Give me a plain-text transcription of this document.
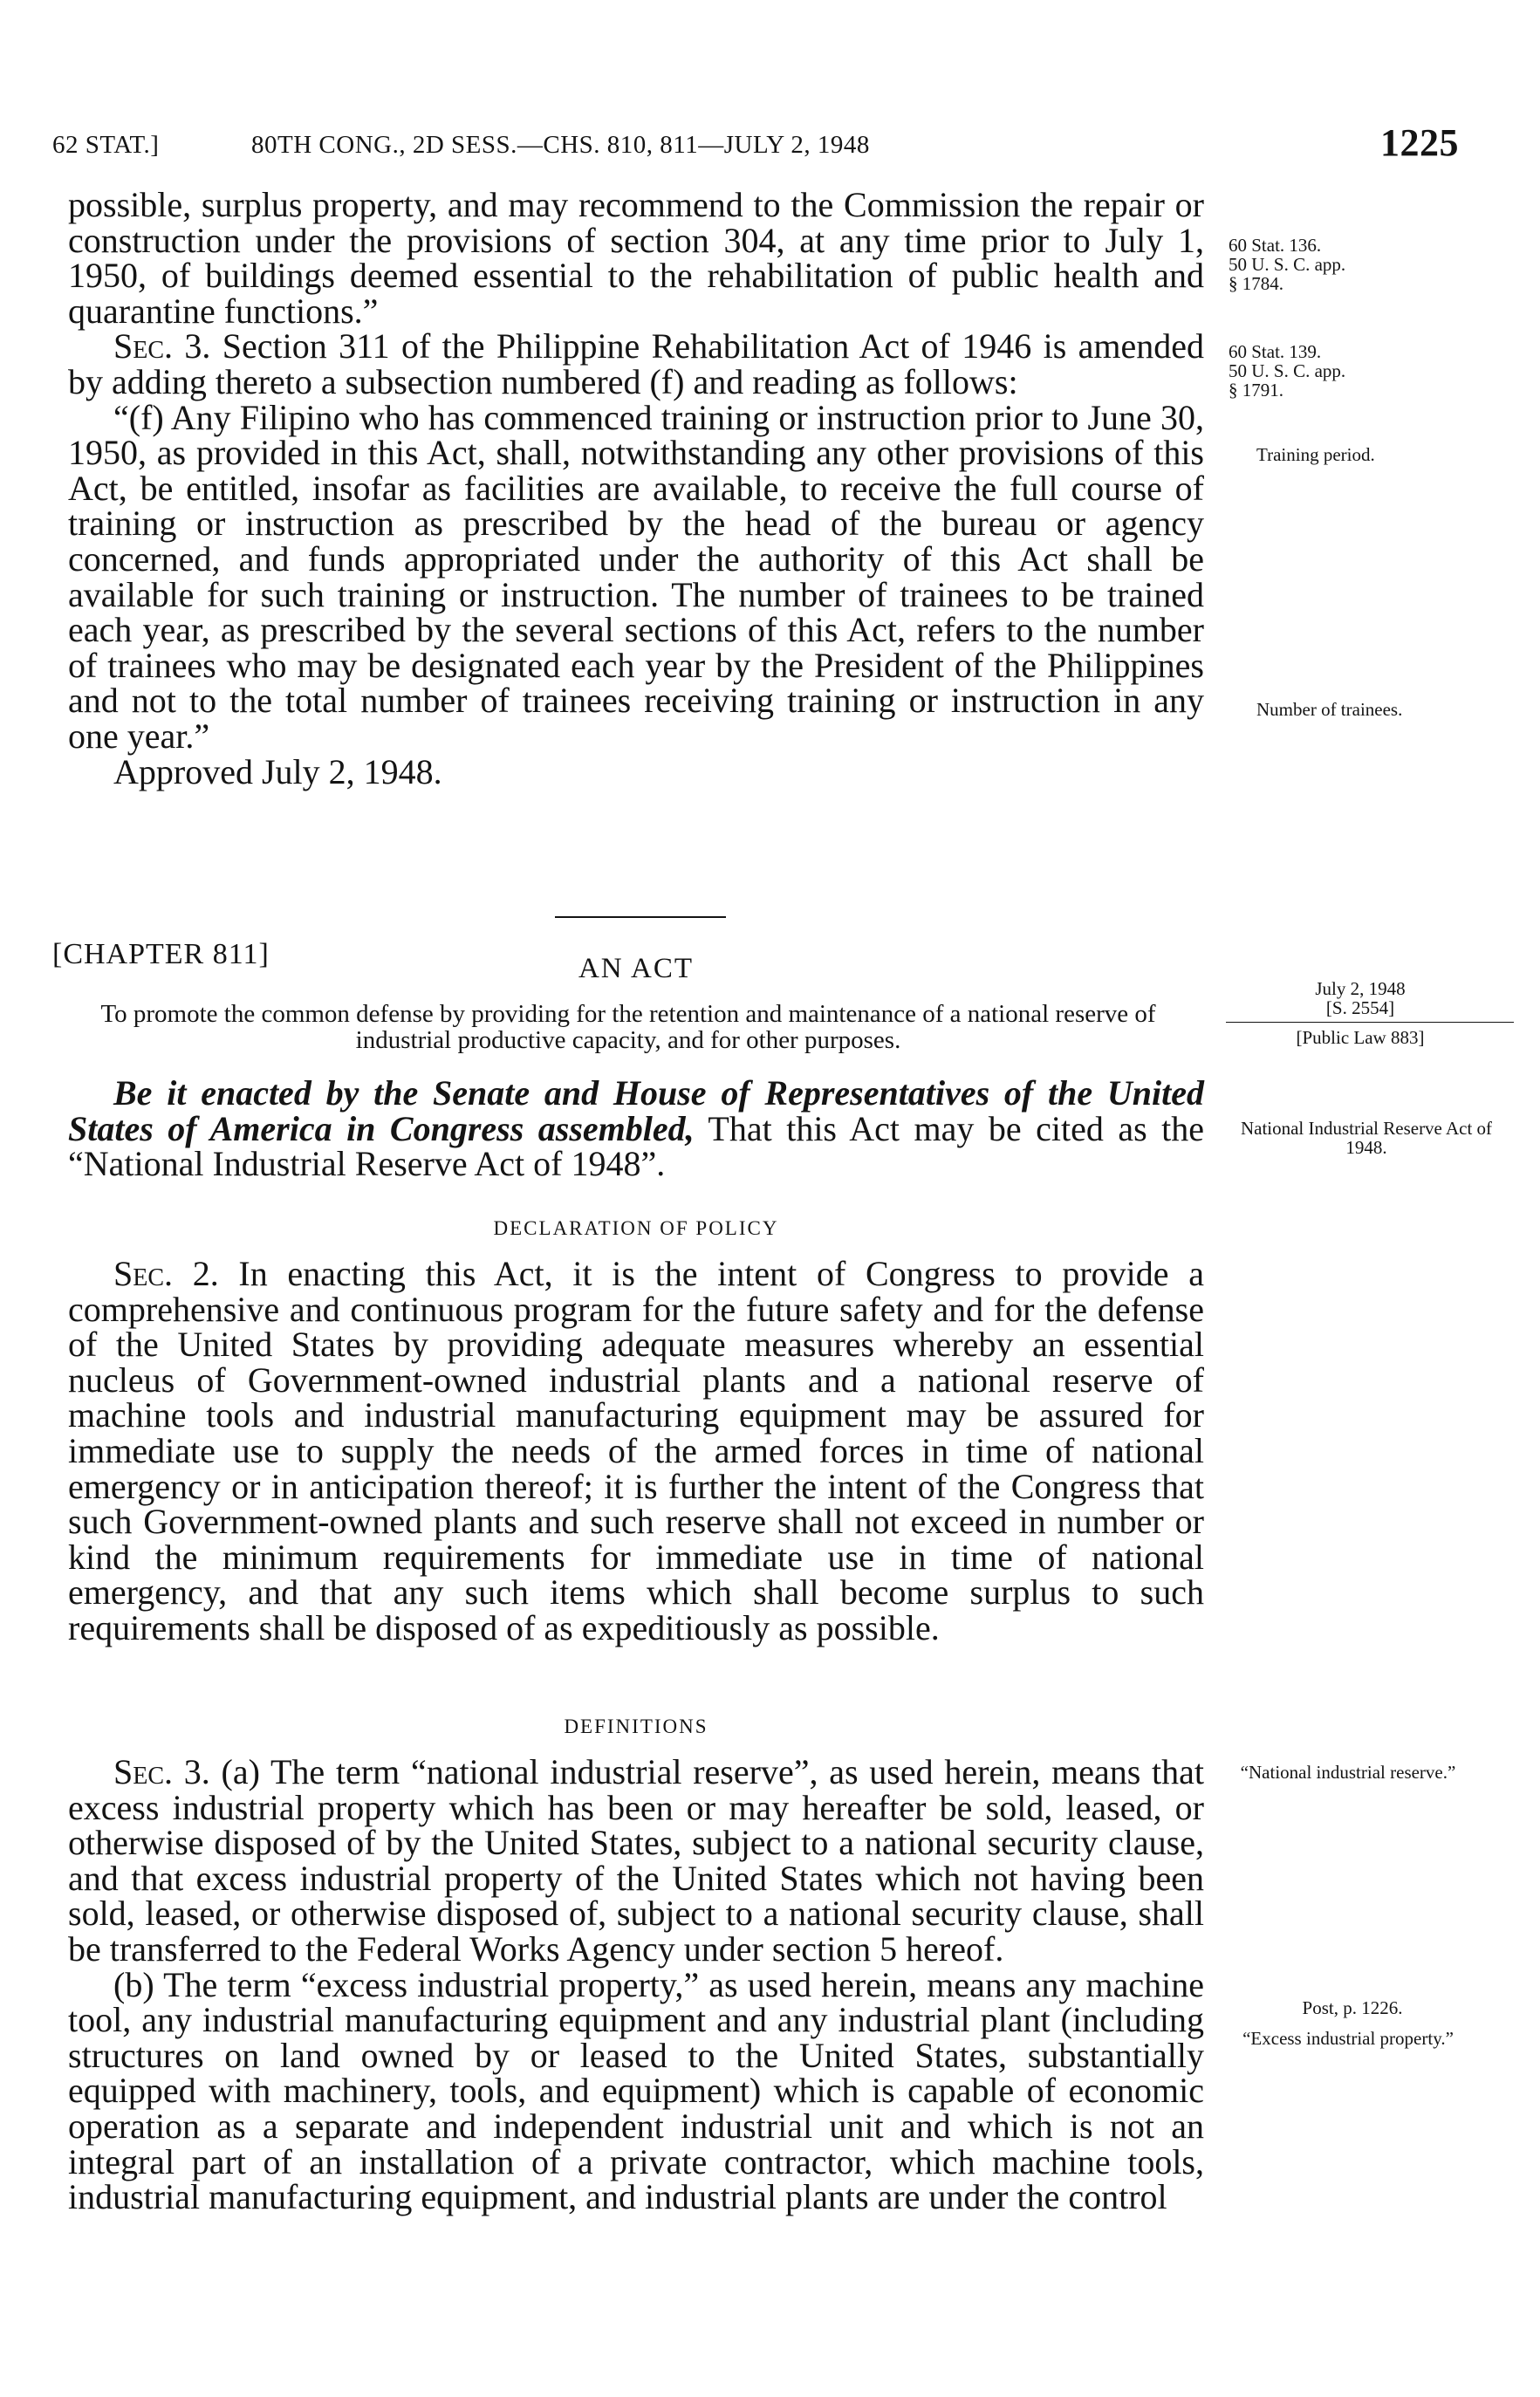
62 STAT.]	80TH CONG., 2D SESS.—CHS. 810, 811—JULY 2, 1948	1225

possible, surplus property, and may recommend to the Commission the repair or construction under the provisions of section 304, at any time prior to July 1, 1950, of buildings deemed essential to the rehabilitation of public health and quarantine functions.”

Sec. 3. Section 311 of the Philippine Rehabilitation Act of 1946 is amended by adding thereto a subsection numbered (f) and reading as follows:

“(f) Any Filipino who has commenced training or instruction prior to June 30, 1950, as provided in this Act, shall, notwithstanding any other provisions of this Act, be entitled, insofar as facilities are available, to receive the full course of training or instruction as prescribed by the head of the bureau or agency concerned, and funds appropriated under the authority of this Act shall be available for such training or instruction. The number of trainees to be trained each year, as prescribed by the several sections of this Act, refers to the number of trainees who may be designated each year by the President of the Philippines and not to the total number of trainees receiving training or instruction in any one year.”

Approved July 2, 1948.

60 Stat. 136.
50 U. S. C. app.
§ 1784.
60 Stat. 139.
50 U. S. C. app.
§ 1791.
Training period.
Number of trainees.
[CHAPTER 811]	AN ACT
To promote the common defense by providing for the retention and maintenance of a national reserve of industrial productive capacity, and for other purposes.
July 2, 1948
[S. 2554]
[Public Law 883]

Be it enacted by the Senate and House of Representatives of the United States of America in Congress assembled, That this Act may be cited as the “National Industrial Reserve Act of 1948”.

National Industrial Reserve Act of 1948.
DECLARATION OF POLICY

Sec. 2. In enacting this Act, it is the intent of Congress to provide a comprehensive and continuous program for the future safety and for the defense of the United States by providing adequate measures whereby an essential nucleus of Government-owned industrial plants and a national reserve of machine tools and industrial manufacturing equipment may be assured for immediate use to supply the needs of the armed forces in time of national emergency or in anticipation thereof; it is further the intent of the Congress that such Government-owned plants and such reserve shall not exceed in number or kind the minimum requirements for immediate use in time of national emergency, and that any such items which shall become surplus to such requirements shall be disposed of as expeditiously as possible.

DEFINITIONS

Sec. 3. (a) The term “national industrial reserve”, as used herein, means that excess industrial property which has been or may hereafter be sold, leased, or otherwise disposed of by the United States, subject to a national security clause, and that excess industrial property of the United States which not having been sold, leased, or otherwise disposed of, subject to a national security clause, shall be transferred to the Federal Works Agency under section 5 hereof.

(b) The term “excess industrial property,” as used herein, means any machine tool, any industrial manufacturing equipment and any industrial plant (including structures on land owned by or leased to the United States, substantially equipped with machinery, tools, and equipment) which is capable of economic operation as a separate and independent industrial unit and which is not an integral part of an installation of a private contractor, which machine tools, industrial manufacturing equipment, and industrial plants are under the control

“National industrial reserve.”
Post, p. 1226.
“Excess industrial property.”
